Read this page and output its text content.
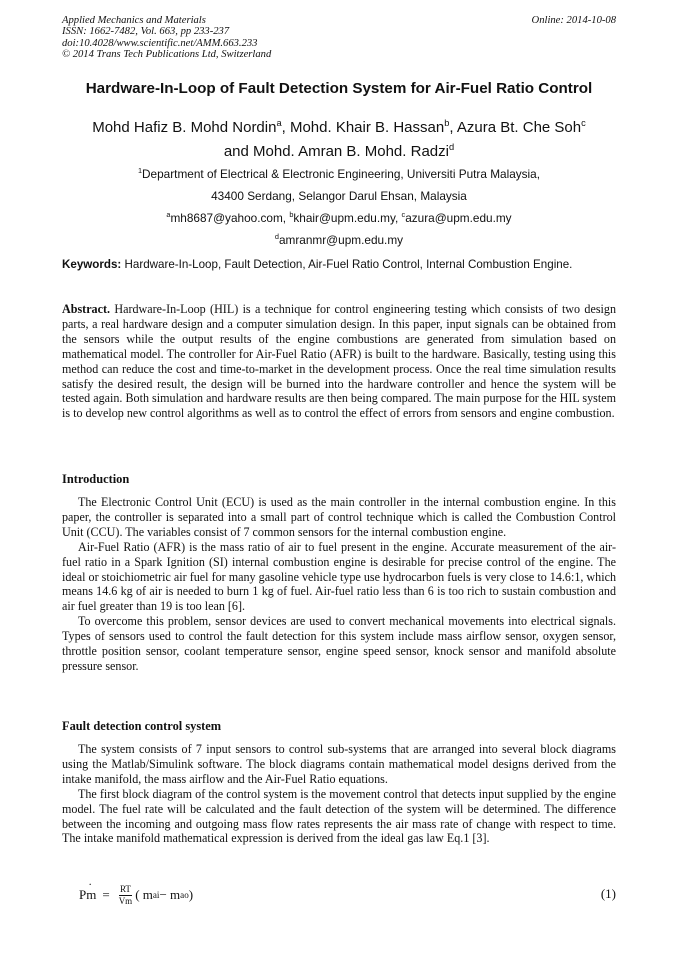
Applied Mechanics and Materials
ISSN: 1662-7482, Vol. 663, pp 233-237
doi:10.4028/www.scientific.net/AMM.663.233
© 2014 Trans Tech Publications Ltd, Switzerland
Online: 2014-10-08
Hardware-In-Loop of Fault Detection System for Air-Fuel Ratio Control
Mohd Hafiz B. Mohd Nordin$^a$, Mohd. Khair B. Hassan$^b$, Azura Bt. Che Soh$^c$
and Mohd. Amran B. Mohd. Radzi$^d$
$^1$Department of Electrical & Electronic Engineering, Universiti Putra Malaysia,
43400 Serdang, Selangor Darul Ehsan, Malaysia
$^a$mh8687@yahoo.com, $^b$khair@upm.edu.my, $^c$azura@upm.edu.my
$^d$amranmr@upm.edu.my
Keywords: Hardware-In-Loop, Fault Detection, Air-Fuel Ratio Control, Internal Combustion Engine.

Abstract. Hardware-In-Loop (HIL) is a technique for control engineering testing which consists of two design parts, a real hardware design and a computer simulation design. In this paper, input signals can be obtained from the sensors while the output results of the engine combustions are generated from simulation based on mathematical model. The controller for Air-Fuel Ratio (AFR) is built to the hardware. Basically, testing using this method can reduce the cost and time-to-market in the development process. Once the real time simulation results satisfy the desired result, the design will be burned into the hardware controller and hence the system will be tested again. Both simulation and hardware results are then being compared. The main purpose for the HIL system is to develop new control algorithms as well as to control the effect of errors from sensors and engine combustion.

Introduction

The Electronic Control Unit (ECU) is used as the main controller in the internal combustion engine. In this paper, the controller is separated into a small part of control technique which is called the Combustion Control Unit (CCU). The variables consist of 7 common sensors for the internal combustion engine.

Air-Fuel Ratio (AFR) is the mass ratio of air to fuel present in the engine. Accurate measurement of the air-fuel ratio in a Spark Ignition (SI) internal combustion engine is desirable for precise control of the engine. The ideal or stoichiometric air fuel for many gasoline vehicle type use hydrocarbon fuels is very close to 14.6:1, which means 14.6 kg of air is needed to burn 1 kg of fuel. Air-fuel ratio less than 6 is too rich to sustain combustion and air fuel greater than 19 is too lean [6].

To overcome this problem, sensor devices are used to convert mechanical movements into electrical signals. Types of sensors used to control the fault detection for this system include mass airflow sensor, oxygen sensor, throttle position sensor, coolant temperature sensor, engine speed sensor, knock sensor and manifold absolute pressure sensor.

Fault detection control system

The system consists of 7 input sensors to control sub-systems that are arranged into several block diagrams using the Matlab/Simulink software. The block diagrams contain mathematical model designs derived from the intake manifold, the mass airflow and the Air-Fuel Ratio equations.

The first block diagram of the control system is the movement control that detects input supplied by the engine model. The fuel rate will be calculated and the fault detection of the system will be determined. The difference between the incoming and outgoing mass flow rates represents the air mass rate of change with respect to time. The intake manifold mathematical expression is derived from the ideal gas law Eq.1 [3].

Pm ˙ = $\frac{RT}{Vm}$ ( m ai − m ao )	(1)
